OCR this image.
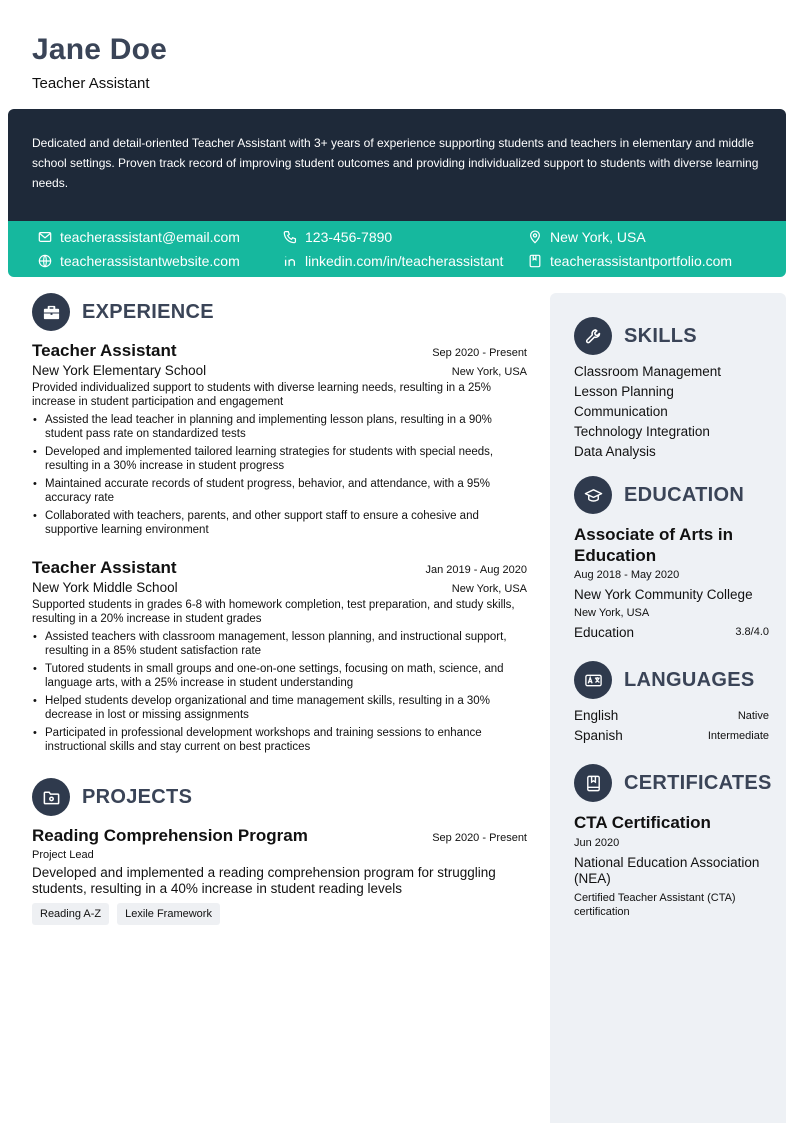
Jane Doe
Teacher Assistant

Dedicated and detail-oriented Teacher Assistant with 3+ years of experience supporting students and teachers in elementary and middle school settings. Proven track record of improving student outcomes and providing individualized support to students with diverse learning needs.

teacherassistant@email.com	123-456-7890	New York, USA
teacherassistantwebsite.com	linkedin.com/in/teacherassistant	teacherassistantportfolio.com
EXPERIENCE
Teacher Assistant	Sep 2020 - Present
New York Elementary School	New York, USA
Provided individualized support to students with diverse learning needs, resulting in a 25% increase in student participation and engagement
• Assisted the lead teacher in planning and implementing lesson plans, resulting in a 90% student pass rate on standardized tests
• Developed and implemented tailored learning strategies for students with special needs, resulting in a 30% increase in student progress
• Maintained accurate records of student progress, behavior, and attendance, with a 95% accuracy rate
• Collaborated with teachers, parents, and other support staff to ensure a cohesive and supportive learning environment
Teacher Assistant	Jan 2019 - Aug 2020
New York Middle School	New York, USA
Supported students in grades 6-8 with homework completion, test preparation, and study skills, resulting in a 20% increase in student grades
• Assisted teachers with classroom management, lesson planning, and instructional support, resulting in a 85% student satisfaction rate
• Tutored students in small groups and one-on-one settings, focusing on math, science, and language arts, with a 25% increase in student understanding
• Helped students develop organizational and time management skills, resulting in a 30% decrease in lost or missing assignments
• Participated in professional development workshops and training sessions to enhance instructional skills and stay current on best practices
PROJECTS
Reading Comprehension Program	Sep 2020 - Present
Project Lead
Developed and implemented a reading comprehension program for struggling students, resulting in a 40% increase in student reading levels
Reading A-Z	Lexile Framework
SKILLS
Classroom Management
Lesson Planning
Communication
Technology Integration
Data Analysis
EDUCATION
Associate of Arts in Education
Aug 2018 - May 2020
New York Community College
New York, USA
Education	3.8/4.0
LANGUAGES
English	Native
Spanish	Intermediate
CERTIFICATES
CTA Certification
Jun 2020
National Education Association (NEA)
Certified Teacher Assistant (CTA) certification
